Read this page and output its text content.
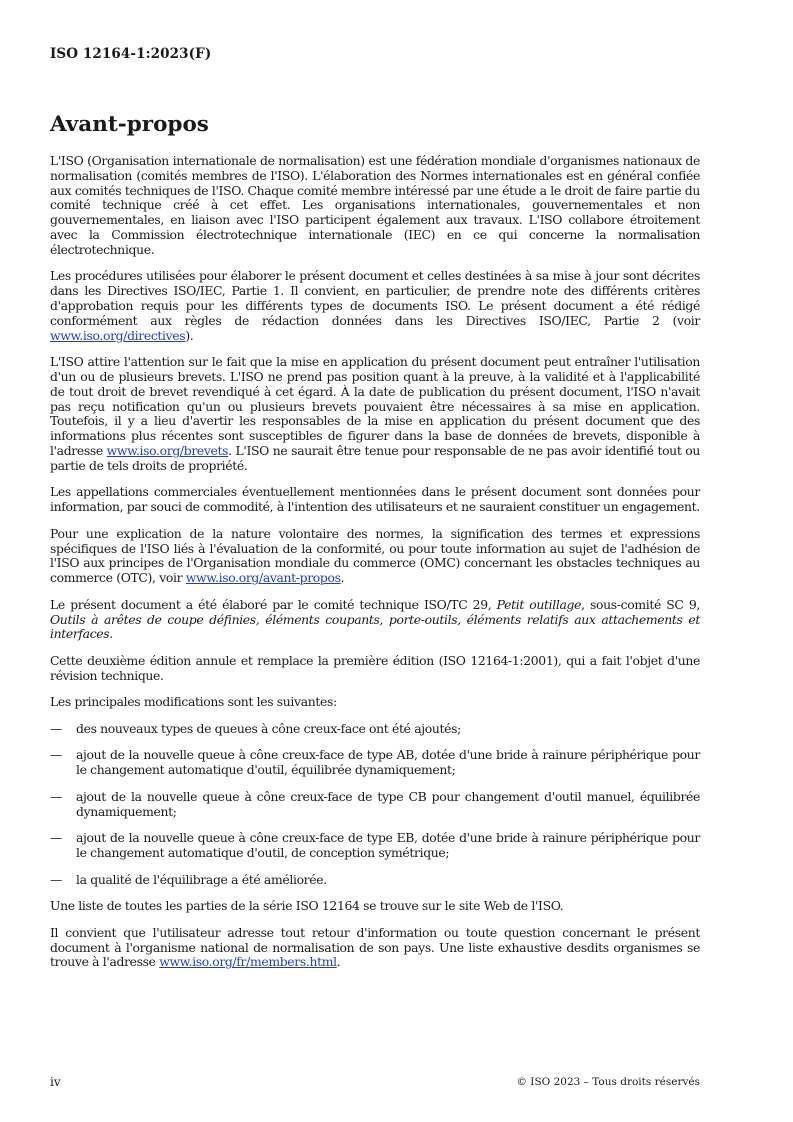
ISO 12164-1:2023(F)
Avant-propos

L'ISO (Organisation internationale de normalisation) est une fédération mondiale d'organismes nationaux de normalisation (comités membres de l'ISO). L'élaboration des Normes internationales est en général confiée aux comités techniques de l'ISO. Chaque comité membre intéressé par une étude a le droit de faire partie du comité technique créé à cet effet. Les organisations internationales, gouvernementales et non gouvernementales, en liaison avec l'ISO participent également aux travaux. L'ISO collabore étroitement avec la Commission électrotechnique internationale (IEC) en ce qui concerne la normalisation électrotechnique.

Les procédures utilisées pour élaborer le présent document et celles destinées à sa mise à jour sont décrites dans les Directives ISO/IEC, Partie 1. Il convient, en particulier, de prendre note des différents critères d'approbation requis pour les différents types de documents ISO. Le présent document a été rédigé conformément aux règles de rédaction données dans les Directives ISO/IEC, Partie 2 (voir www.iso.org/directives).

L'ISO attire l'attention sur le fait que la mise en application du présent document peut entraîner l'utilisation d'un ou de plusieurs brevets. L'ISO ne prend pas position quant à la preuve, à la validité et à l'applicabilité de tout droit de brevet revendiqué à cet égard. À la date de publication du présent document, l'ISO n'avait pas reçu notification qu'un ou plusieurs brevets pouvaient être nécessaires à sa mise en application. Toutefois, il y a lieu d'avertir les responsables de la mise en application du présent document que des informations plus récentes sont susceptibles de figurer dans la base de données de brevets, disponible à l'adresse www.iso.org/brevets. L'ISO ne saurait être tenue pour responsable de ne pas avoir identifié tout ou partie de tels droits de propriété.

Les appellations commerciales éventuellement mentionnées dans le présent document sont données pour information, par souci de commodité, à l'intention des utilisateurs et ne sauraient constituer un engagement.

Pour une explication de la nature volontaire des normes, la signification des termes et expressions spécifiques de l'ISO liés à l'évaluation de la conformité, ou pour toute information au sujet de l'adhésion de l'ISO aux principes de l'Organisation mondiale du commerce (OMC) concernant les obstacles techniques au commerce (OTC), voir www.iso.org/avant-propos.

Le présent document a été élaboré par le comité technique ISO/TC 29, Petit outillage, sous-comité SC 9, Outils à arêtes de coupe définies, éléments coupants, porte-outils, éléments relatifs aux attachements et interfaces.

Cette deuxième édition annule et remplace la première édition (ISO 12164-1:2001), qui a fait l'objet d'une révision technique.

Les principales modifications sont les suivantes:

—	des nouveaux types de queues à cône creux-face ont été ajoutés;

—	ajout de la nouvelle queue à cône creux-face de type AB, dotée d'une bride à rainure périphérique pour le changement automatique d'outil, équilibrée dynamiquement;

—	ajout de la nouvelle queue à cône creux-face de type CB pour changement d'outil manuel, équilibrée dynamiquement;

—	ajout de la nouvelle queue à cône creux-face de type EB, dotée d'une bride à rainure périphérique pour le changement automatique d'outil, de conception symétrique;

—	la qualité de l'équilibrage a été améliorée.

Une liste de toutes les parties de la série ISO 12164 se trouve sur le site Web de l'ISO.

Il convient que l'utilisateur adresse tout retour d'information ou toute question concernant le présent document à l'organisme national de normalisation de son pays. Une liste exhaustive desdits organismes se trouve à l'adresse www.iso.org/fr/members.html.

iv	© ISO 2023 – Tous droits réservés
